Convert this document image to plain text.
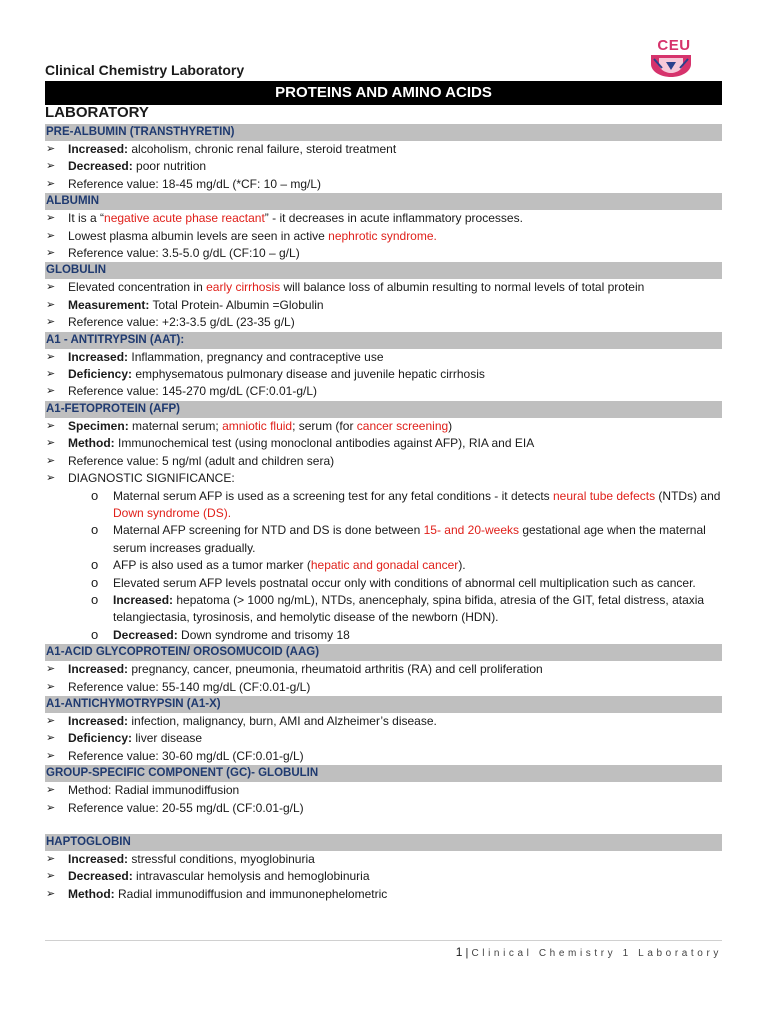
Clinical Chemistry Laboratory
CEU
PROTEINS AND AMINO ACIDS
LABORATORY
PRE-ALBUMIN (TRANSTHYRETIN)
➢ Increased: alcoholism, chronic renal failure, steroid treatment
➢ Decreased: poor nutrition
➢ Reference value: 18-45 mg/dL (*CF: 10 – mg/L)
ALBUMIN
➢ It is a “negative acute phase reactant” - it decreases in acute inflammatory processes.
➢ Lowest plasma albumin levels are seen in active nephrotic syndrome.
➢ Reference value: 3.5-5.0 g/dL (CF:10 – g/L)
GLOBULIN
➢ Elevated concentration in early cirrhosis will balance loss of albumin resulting to normal levels of total protein
➢ Measurement: Total Protein- Albumin =Globulin
➢ Reference value: +2:3-3.5 g/dL (23-35 g/L)
A1 - ANTITRYPSIN (AAT):
➢ Increased: Inflammation, pregnancy and contraceptive use
➢ Deficiency: emphysematous pulmonary disease and juvenile hepatic cirrhosis
➢ Reference value: 145-270 mg/dL (CF:0.01-g/L)
A1-FETOPROTEIN (AFP)
➢ Specimen: maternal serum; amniotic fluid; serum (for cancer screening)
➢ Method: Immunochemical test (using monoclonal antibodies against AFP), RIA and EIA
➢ Reference value: 5 ng/ml (adult and children sera)
➢ DIAGNOSTIC SIGNIFICANCE:
o Maternal serum AFP is used as a screening test for any fetal conditions - it detects neural tube defects (NTDs) and Down syndrome (DS).
o Maternal AFP screening for NTD and DS is done between 15- and 20-weeks gestational age when the maternal serum increases gradually.
o AFP is also used as a tumor marker (hepatic and gonadal cancer).
o Elevated serum AFP levels postnatal occur only with conditions of abnormal cell multiplication such as cancer.
o Increased: hepatoma (> 1000 ng/mL), NTDs, anencephaly, spina bifida, atresia of the GIT, fetal distress, ataxia telangiectasia, tyrosinosis, and hemolytic disease of the newborn (HDN).
o Decreased: Down syndrome and trisomy 18
A1-ACID GLYCOPROTEIN/ OROSOMUCOID (AAG)
➢ Increased: pregnancy, cancer, pneumonia, rheumatoid arthritis (RA) and cell proliferation
➢ Reference value: 55-140 mg/dL (CF:0.01-g/L)
A1-ANTICHYMOTRYPSIN (A1-X)
➢ Increased: infection, malignancy, burn, AMI and Alzheimer’s disease.
➢ Deficiency: liver disease
➢ Reference value: 30-60 mg/dL (CF:0.01-g/L)
GROUP-SPECIFIC COMPONENT (GC)- GLOBULIN
➢ Method: Radial immunodiffusion
➢ Reference value: 20-55 mg/dL (CF:0.01-g/L)
HAPTOGLOBIN
➢ Increased: stressful conditions, myoglobinuria
➢ Decreased: intravascular hemolysis and hemoglobinuria
➢ Method: Radial immunodiffusion and immunonephelometric
1 | Clinical Chemistry 1 Laboratory
